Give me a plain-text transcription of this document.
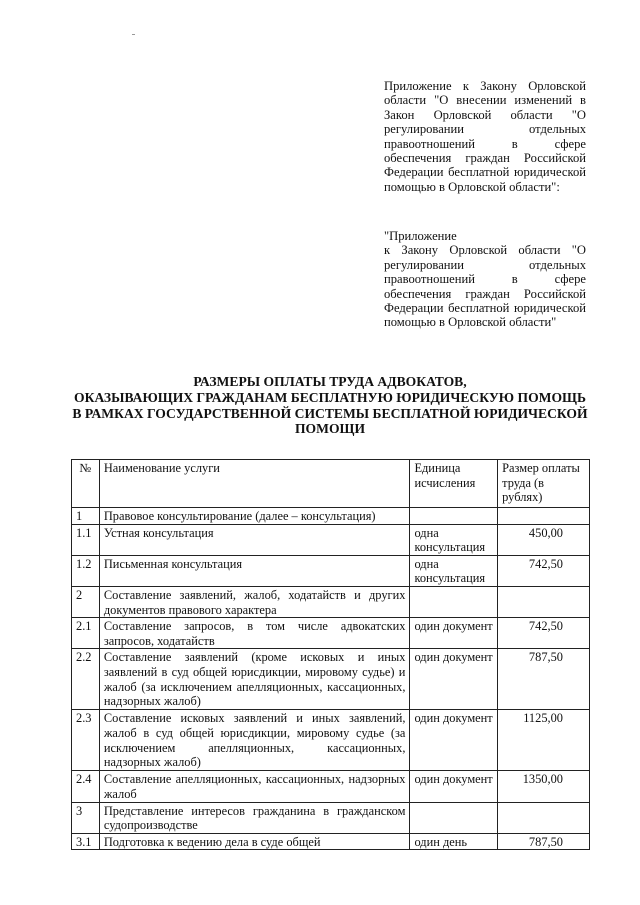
Приложение к Закону Орловской области "О внесении изменений в Закон Орловской области "О регулировании отдельных правоотношений в сфере обеспечения граждан Российской Федерации бесплатной юридической помощью в Орловской области":
"Приложение
к Закону Орловской области "О регулировании отдельных правоотношений в сфере обеспечения граждан Российской Федерации бесплатной юридической помощью в Орловской области"
РАЗМЕРЫ ОПЛАТЫ ТРУДА АДВОКАТОВ,
ОКАЗЫВАЮЩИХ ГРАЖДАНАМ БЕСПЛАТНУЮ ЮРИДИЧЕСКУЮ ПОМОЩЬ
В РАМКАХ ГОСУДАРСТВЕННОЙ СИСТЕМЫ БЕСПЛАТНОЙ ЮРИДИЧЕСКОЙ
ПОМОЩИ
№	Наименование услуги	Единица исчисления	Размер оплаты труда (в рублях)
1	Правовое консультирование (далее – консультация)		
1.1	Устная консультация	одна консультация	450,00
1.2	Письменная консультация	одна консультация	742,50
2	Составление заявлений, жалоб, ходатайств и других документов правового характера		
2.1	Составление запросов, в том числе адвокатских запросов, ходатайств	один документ	742,50
2.2	Составление заявлений (кроме исковых и иных заявлений в суд общей юрисдикции, мировому судье) и жалоб (за исключением апелляционных, кассационных, надзорных жалоб)	один документ	787,50
2.3	Составление исковых заявлений и иных заявлений, жалоб в суд общей юрисдикции, мировому судье (за исключением апелляционных, кассационных, надзорных жалоб)	один документ	1125,00
2.4	Составление апелляционных, кассационных, надзорных жалоб	один документ	1350,00
3	Представление интересов гражданина в гражданском судопроизводстве		
3.1	Подготовка к ведению дела в суде общей	один день	787,50
